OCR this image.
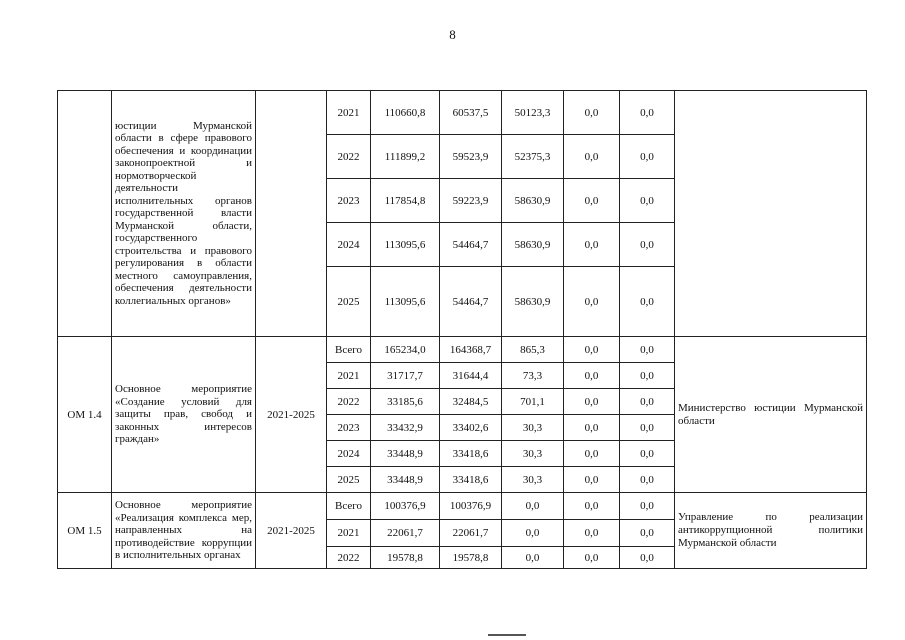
8

	юстиции Мурманской области в сфере правового обеспечения и координации законопроектной и нормотворческой деятельности исполнительных органов государственной власти Мурманской области, государственного строительства и правового регулирования в области местного самоуправления, обеспечения деятельности коллегиальных органов»		2021	110660,8	60537,5	50123,3	0,0	0,0	
			2022	111899,2	59523,9	52375,3	0,0	0,0	
			2023	117854,8	59223,9	58630,9	0,0	0,0	
			2024	113095,6	54464,7	58630,9	0,0	0,0	
			2025	113095,6	54464,7	58630,9	0,0	0,0	
ОМ 1.4	Основное мероприятие «Создание условий для защиты прав, свобод и законных интересов граждан»	2021-2025	Всего	165234,0	164368,7	865,3	0,0	0,0	Министерство юстиции Мурманской области
			2021	31717,7	31644,4	73,3	0,0	0,0	
			2022	33185,6	32484,5	701,1	0,0	0,0	
			2023	33432,9	33402,6	30,3	0,0	0,0	
			2024	33448,9	33418,6	30,3	0,0	0,0	
			2025	33448,9	33418,6	30,3	0,0	0,0	
ОМ 1.5	Основное мероприятие «Реализация комплекса мер, направленных на противодействие коррупции в исполнительных органах	2021-2025	Всего	100376,9	100376,9	0,0	0,0	0,0	Управление по реализации антикоррупционной политики Мурманской области
			2021	22061,7	22061,7	0,0	0,0	0,0	
			2022	19578,8	19578,8	0,0	0,0	0,0	
